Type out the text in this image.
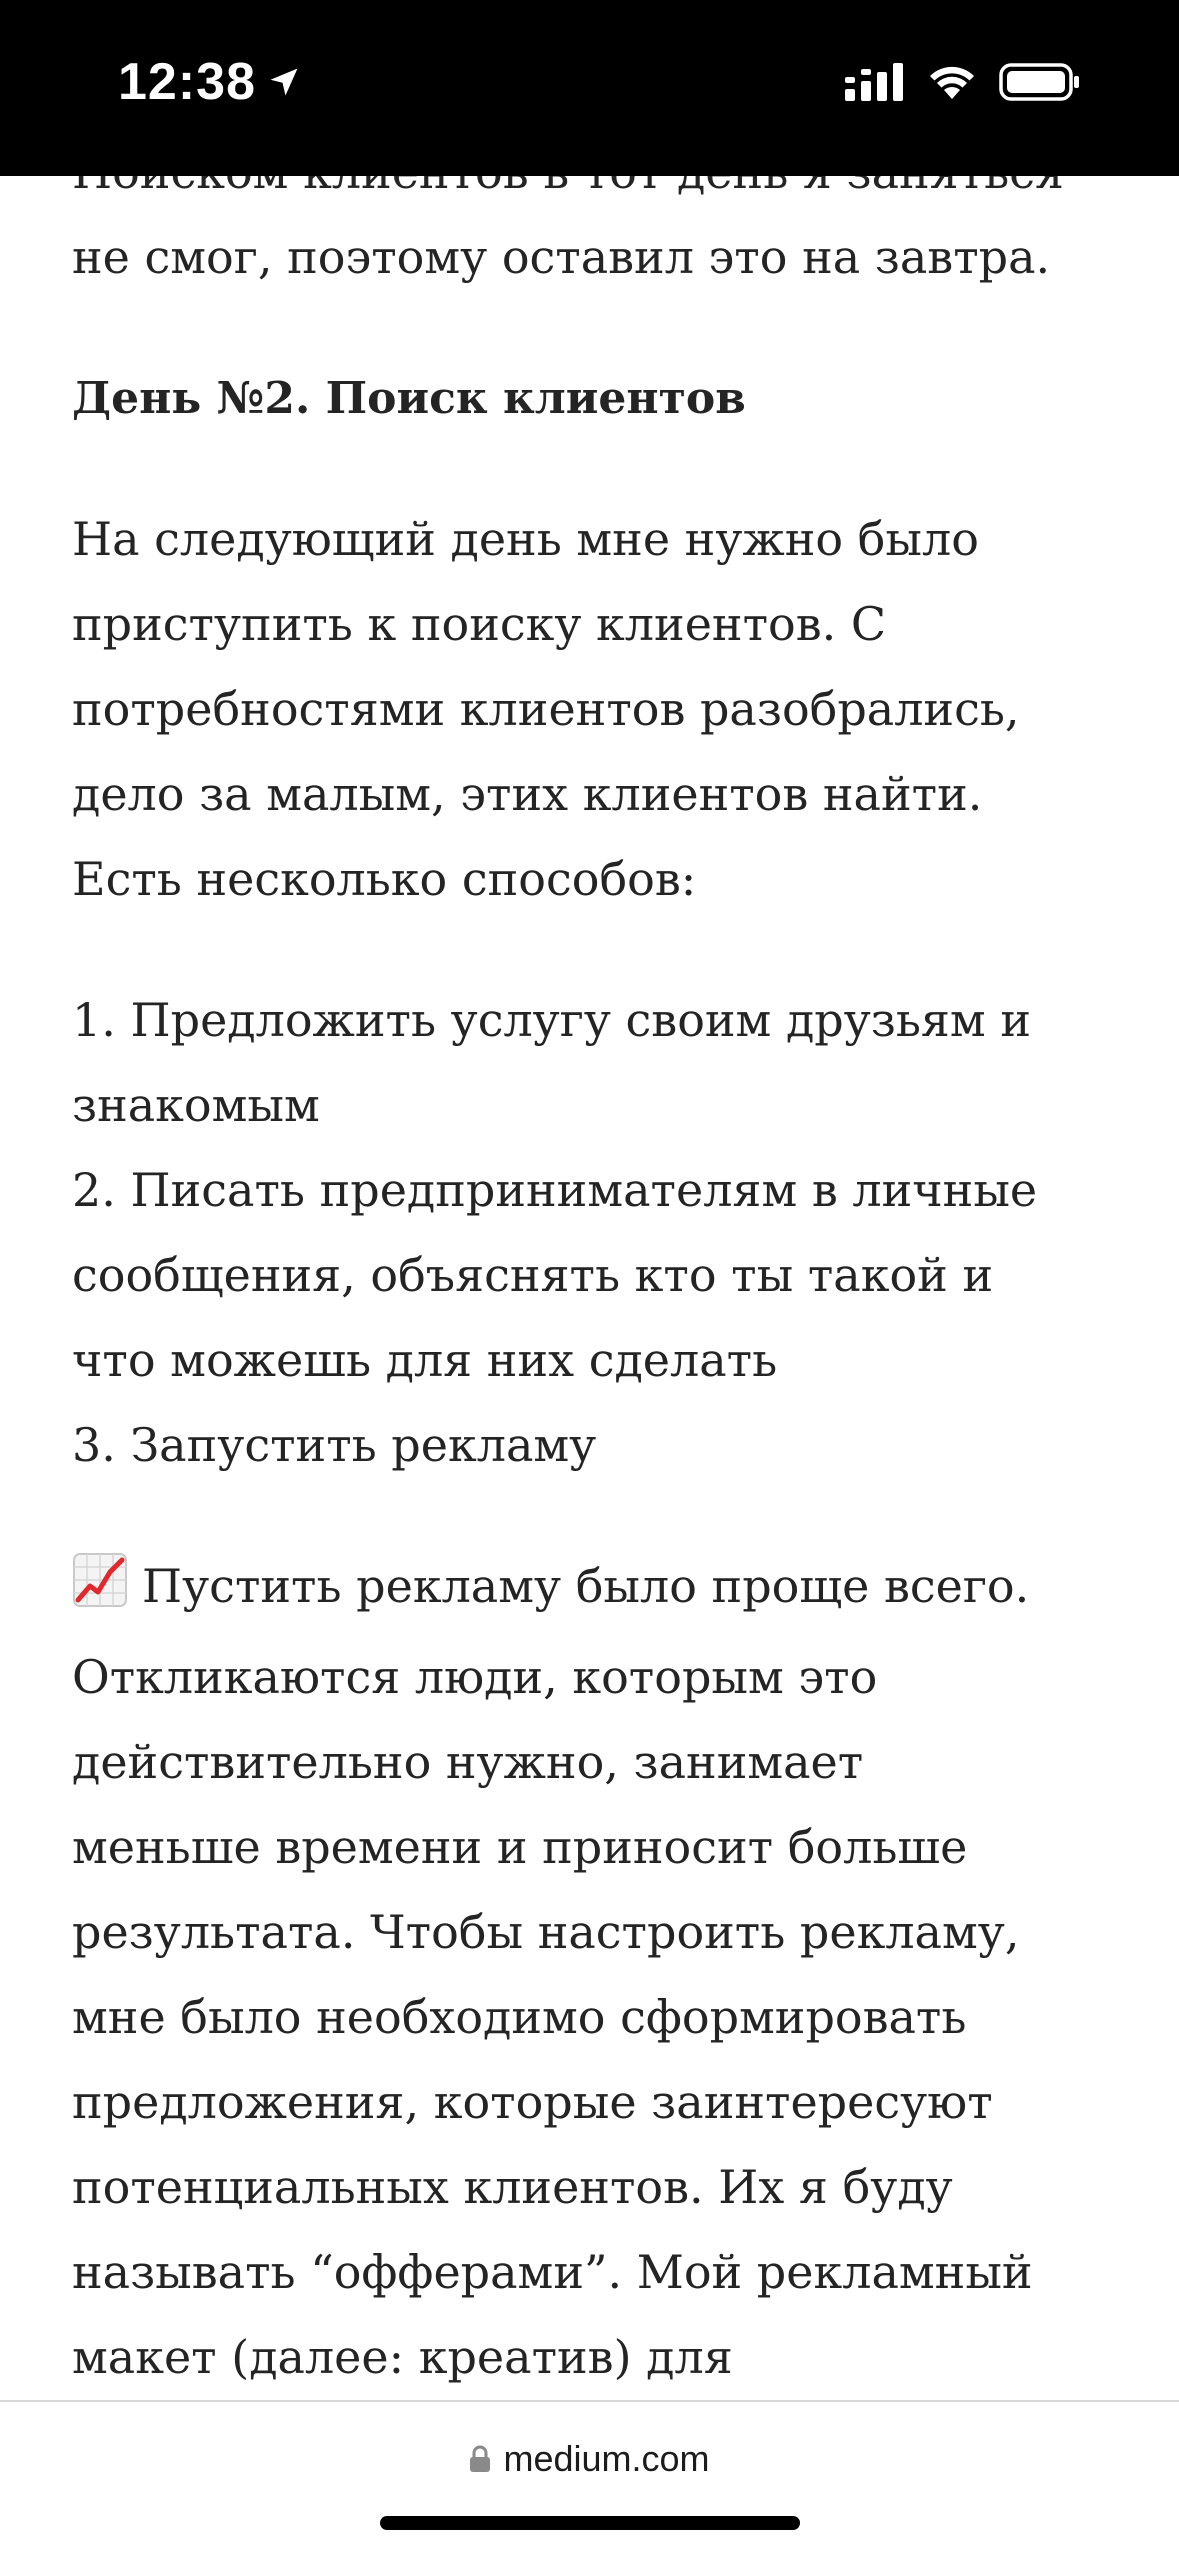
12:38

не смог, поэтому оставил это на завтра.

День №2. Поиск клиентов

На следующий день мне нужно было

приступить к поиску клиентов. С

потребностями клиентов разобрались,

дело за малым, этих клиентов найти.

Есть несколько способов:

1. Предложить услугу своим друзьям и

знакомым

2. Писать предпринимателям в личные

сообщения, объяснять кто ты такой и

что можешь для них сделать

3. Запустить рекламу

Пустить рекламу было проще всего.

Откликаются люди, которым это

действительно нужно, занимает

меньше времени и приносит больше

результата. Чтобы настроить рекламу,

мне было необходимо сформировать

предложения, которые заинтересуют

потенциальных клиентов. Их я буду

называть “офферами”. Мой рекламный

макет (далее: креатив) для

medium.com
